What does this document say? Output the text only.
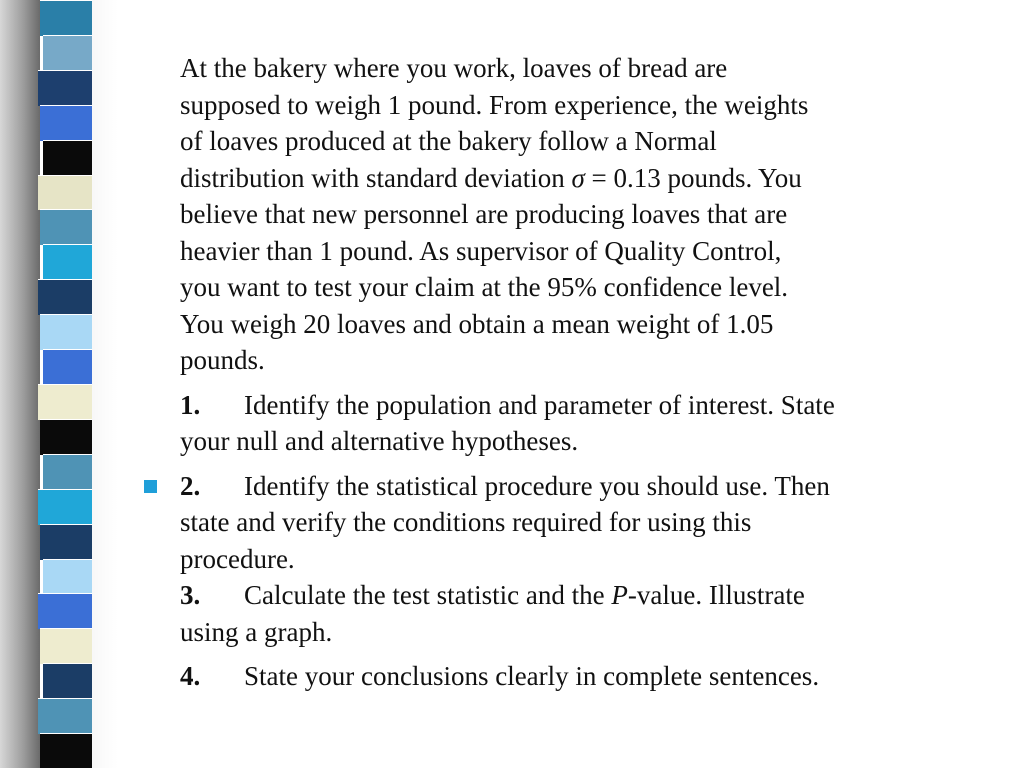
At the bakery where you work, loaves of bread are
supposed to weigh 1 pound. From experience, the weights
of loaves produced at the bakery follow a Normal
distribution with standard deviation σ = 0.13 pounds. You
believe that new personnel are producing loaves that are
heavier than 1 pound. As supervisor of Quality Control,
you want to test your claim at the 95% confidence level.
You weigh 20 loaves and obtain a mean weight of 1.05
pounds.

1. Identify the population and parameter of interest. State
your null and alternative hypotheses.

2. Identify the statistical procedure you should use. Then
state and verify the conditions required for using this
procedure.
3. Calculate the test statistic and the P-value. Illustrate
using a graph.

4. State your conclusions clearly in complete sentences.
